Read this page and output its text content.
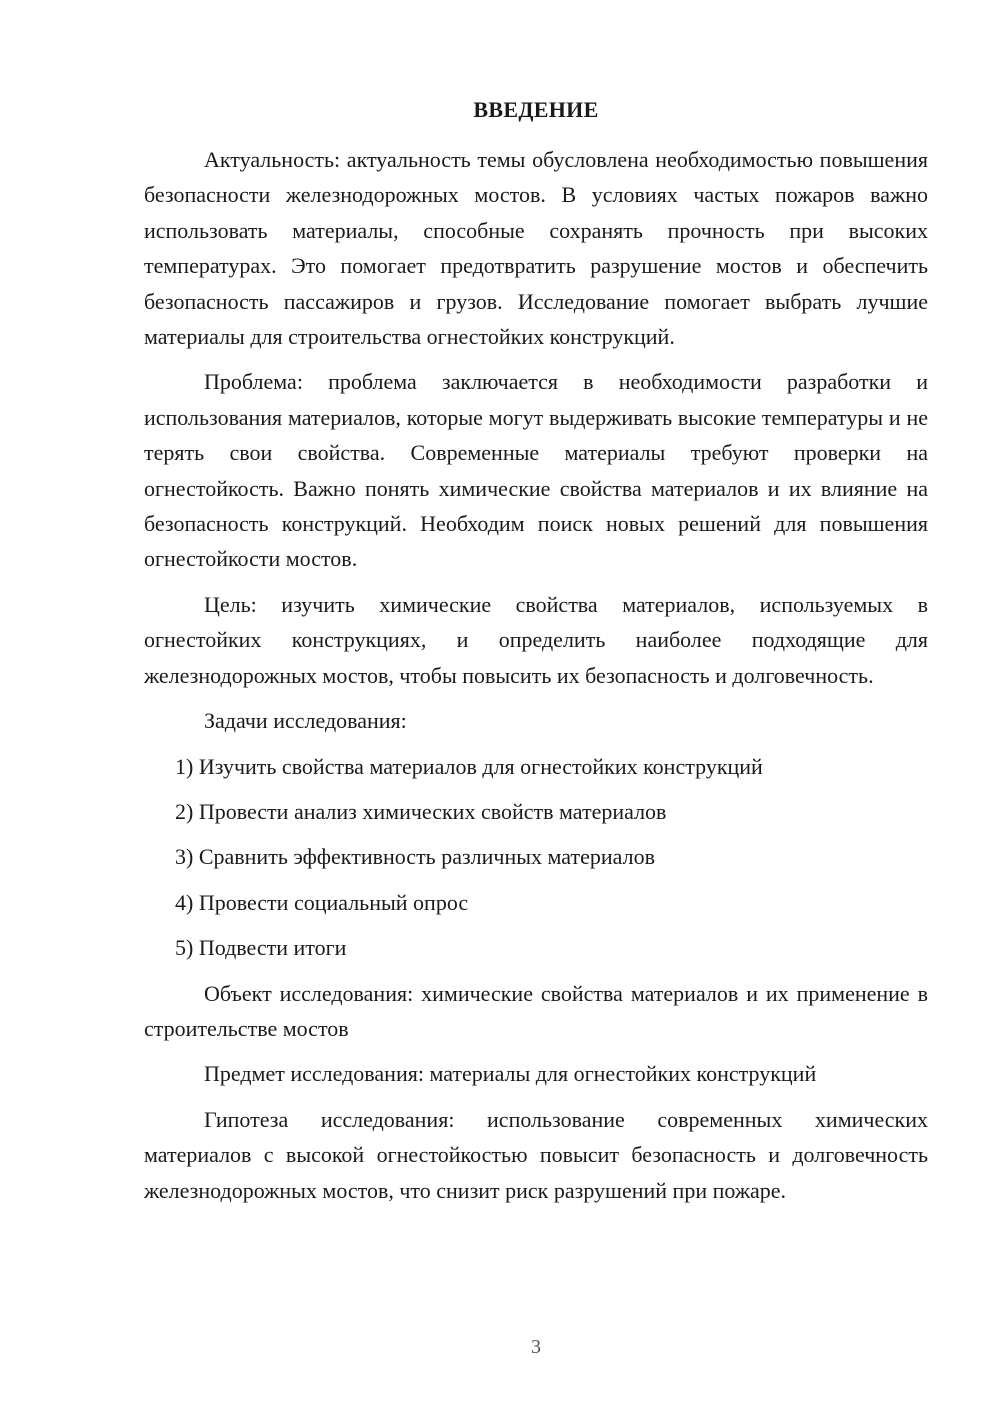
ВВЕДЕНИЕ

Актуальность: актуальность темы обусловлена необходимостью повышения безопасности железнодорожных мостов. В условиях частых пожаров важно использовать материалы, способные сохранять прочность при высоких температурах. Это помогает предотвратить разрушение мостов и обеспечить безопасность пассажиров и грузов. Исследование помогает выбрать лучшие материалы для строительства огнестойких конструкций.

Проблема: проблема заключается в необходимости разработки и использования материалов, которые могут выдерживать высокие температуры и не терять свои свойства. Современные материалы требуют проверки на огнестойкость. Важно понять химические свойства материалов и их влияние на безопасность конструкций. Необходим поиск новых решений для повышения огнестойкости мостов.

Цель: изучить химические свойства материалов, используемых в огнестойких конструкциях, и определить наиболее подходящие для железнодорожных мостов, чтобы повысить их безопасность и долговечность.

Задачи исследования:

1) Изучить свойства материалов для огнестойких конструкций
2) Провести анализ химических свойств материалов
3) Сравнить эффективность различных материалов
4) Провести социальный опрос
5) Подвести итоги

Объект исследования: химические свойства материалов и их применение в строительстве мостов

Предмет исследования: материалы для огнестойких конструкций

Гипотеза исследования: использование современных химических материалов с высокой огнестойкостью повысит безопасность и долговечность железнодорожных мостов, что снизит риск разрушений при пожаре.

3
